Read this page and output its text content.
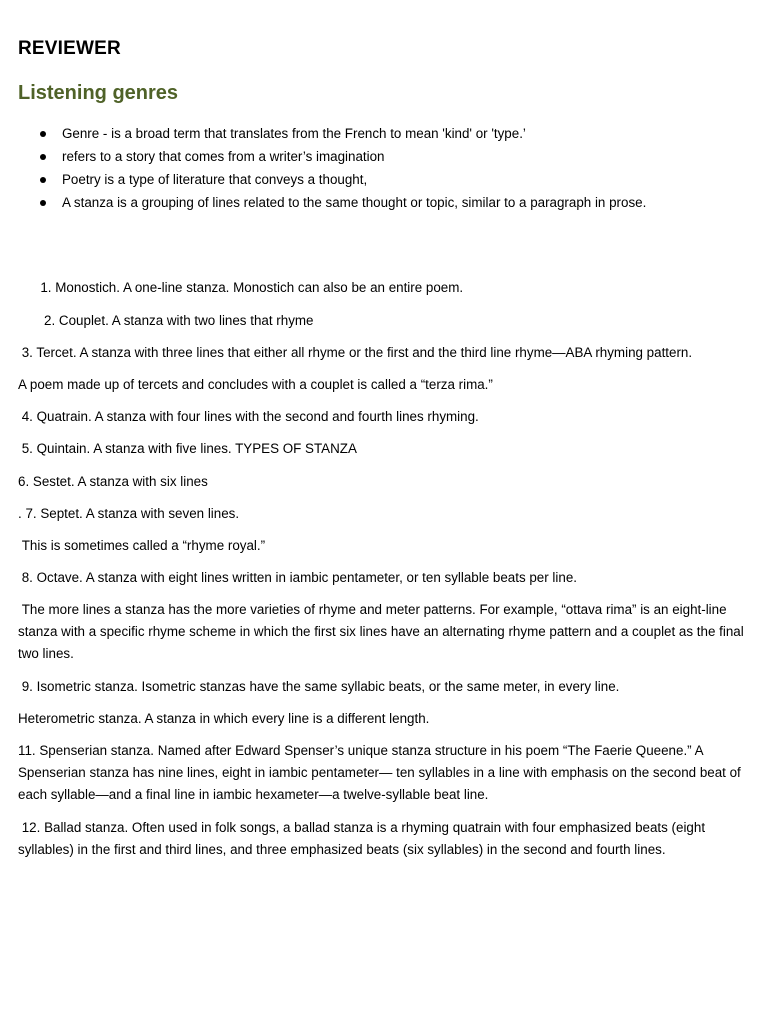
REVIEWER
Listening genres
Genre - is a broad term that translates from the French to mean 'kind' or 'type.’
refers to a story that comes from a writer’s imagination
Poetry is a type of literature that conveys a thought,
A stanza is a grouping of lines related to the same thought or topic, similar to a paragraph in prose.

1. Monostich. A one-line stanza. Monostich can also be an entire poem.

2. Couplet. A stanza with two lines that rhyme

3. Tercet. A stanza with three lines that either all rhyme or the first and the third line rhyme—ABA rhyming pattern.

A poem made up of tercets and concludes with a couplet is called a “terza rima.”

4. Quatrain. A stanza with four lines with the second and fourth lines rhyming.

5. Quintain. A stanza with five lines. TYPES OF STANZA

6. Sestet. A stanza with six lines

. 7. Septet. A stanza with seven lines.

This is sometimes called a “rhyme royal.”

8. Octave. A stanza with eight lines written in iambic pentameter, or ten syllable beats per line.

The more lines a stanza has the more varieties of rhyme and meter patterns. For example, “ottava rima” is an eight-line stanza with a specific rhyme scheme in which the first six lines have an alternating rhyme pattern and a couplet as the final two lines.

9. Isometric stanza. Isometric stanzas have the same syllabic beats, or the same meter, in every line.

Heterometric stanza. A stanza in which every line is a different length.

11. Spenserian stanza. Named after Edward Spenser’s unique stanza structure in his poem “The Faerie Queene.” A Spenserian stanza has nine lines, eight in iambic pentameter— ten syllables in a line with emphasis on the second beat of each syllable—and a final line in iambic hexameter—a twelve-syllable beat line.

12. Ballad stanza. Often used in folk songs, a ballad stanza is a rhyming quatrain with four emphasized beats (eight syllables) in the first and third lines, and three emphasized beats (six syllables) in the second and fourth lines.
